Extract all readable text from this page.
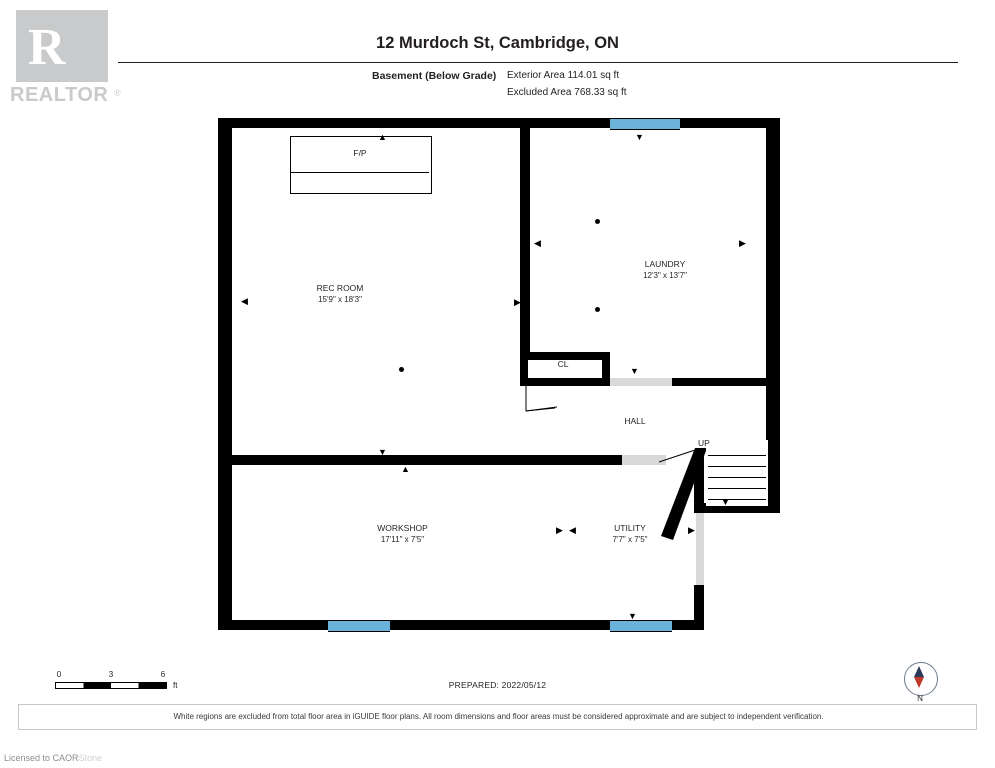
R
REALTOR ®
12 Murdoch St, Cambridge, ON
Basement (Below Grade) Exterior Area 114.01 sq ft
Excluded Area 768.33 sq ft
UP
▼
F/P
REC ROOM
15'9" x 18'3"
LAUNDRY
12'3" x 13'7"
CL
HALL
WORKSHOP
17'11" x 7'5"
UTILITY
7'7" x 7'5"
▲	▼
◀
◀
▶
▶
▼
▲
▼
▶ ◀	▶
▼
0	3	6
ft	PREPARED: 2022/05/12
N
White regions are excluded from total floor area in iGUIDE floor plans. All room dimensions and floor areas must be considered approximate and are subject to independent verification.
Licensed to CAORStone
